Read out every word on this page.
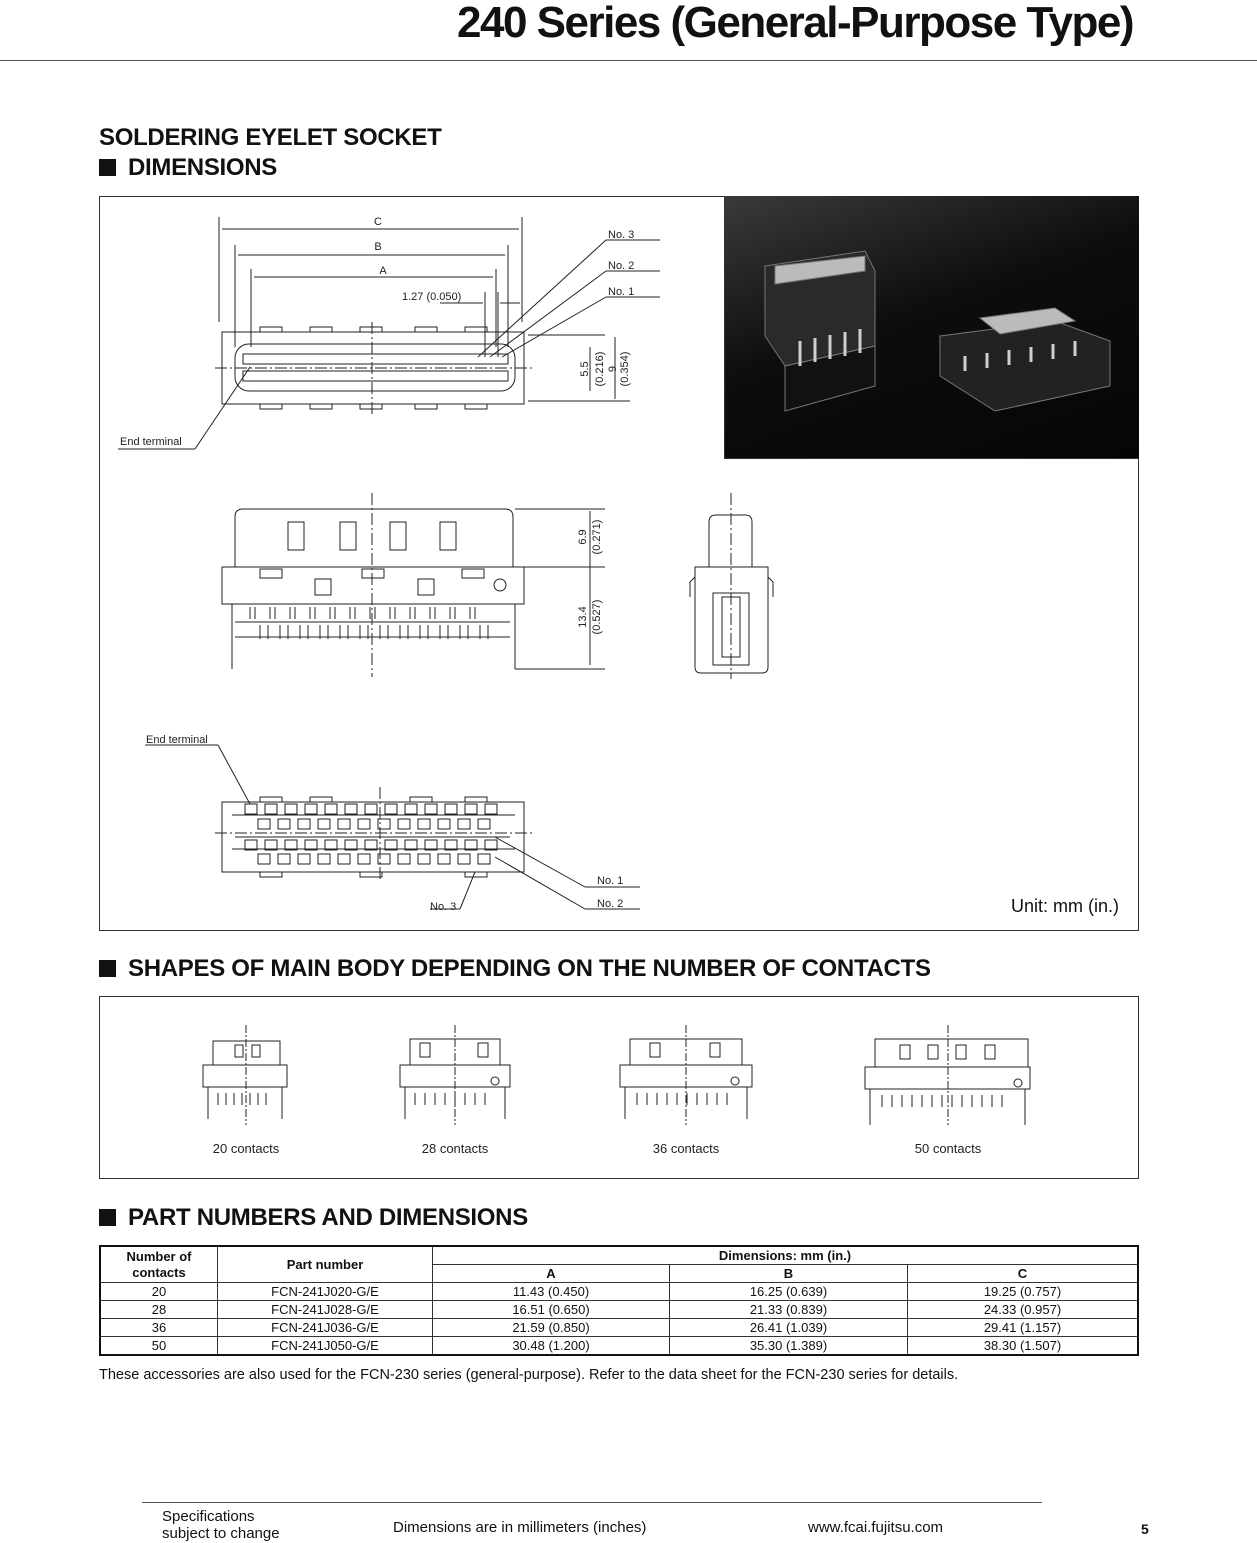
240 Series (General-Purpose Type)
SOLDERING EYELET SOCKET
DIMENSIONS
C
B
A
1.27 (0.050)
No. 3
No. 2
No. 1
End terminal
5.5 (0.216) 9 (0.354)
6.9 (0.271)
13.4 (0.527)
End terminal
No. 1
No. 2
No. 3	Unit: mm (in.)
SHAPES OF MAIN BODY DEPENDING ON THE NUMBER OF CONTACTS
20 contacts	28 contacts	36 contacts	50 contacts
PART NUMBERS AND DIMENSIONS
Number of contacts	Part number	Dimensions: mm (in.)		
		A	B	C
20	FCN-241J020-G/E	11.43 (0.450)	16.25 (0.639)	19.25 (0.757)
28	FCN-241J028-G/E	16.51 (0.650)	21.33 (0.839)	24.33 (0.957)
36	FCN-241J036-G/E	21.59 (0.850)	26.41 (1.039)	29.41 (1.157)
50	FCN-241J050-G/E	30.48 (1.200)	35.30 (1.389)	38.30 (1.507)

These accessories are also used for the FCN-230 series (general-purpose). Refer to the data sheet for the FCN-230 series for details.

Specifications

subject to change	Dimensions are in millimeters (inches)	www.fcai.fujitsu.com	5
